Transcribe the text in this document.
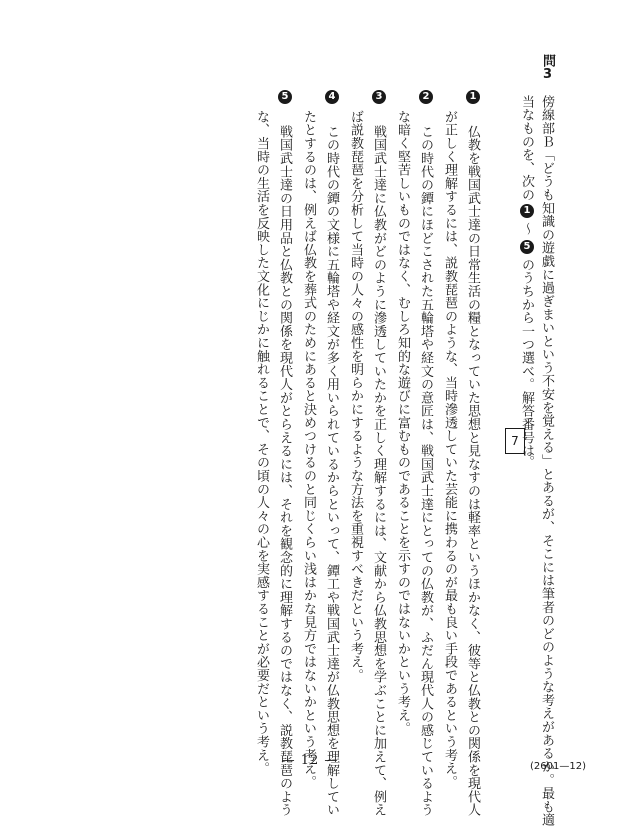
問3
傍線部Ｂ「どうも知識の遊戯に過ぎまいという不安を覚える」とあるが、そこには筆者のどのような考えがあるか。最も適
当なものを、次の
1
〜
5
のうちから一つ選べ。解答番号は
7
。
1
仏教を戦国武士達の日常生活の糧となっていた思想と見なすのは軽率というほかなく、彼等と仏教との関係を現代人
が正しく理解するには、説教琵琶のような、当時滲透していた芸能に携わるのが最も良い手段であるという考え。
2
この時代の鐔にほどこされた五輪塔や経文の意匠は、戦国武士達にとっての仏教が、ふだん現代人の感じているよう
な暗く堅苦しいものではなく、むしろ知的な遊びに富むものであることを示すのではないかという考え。
3
戦国武士達に仏教がどのように滲透していたかを正しく理解するには、文献から仏教思想を学ぶことに加えて、例え
ば説教琵琶を分析して当時の人々の感性を明らかにするような方法を重視すべきだという考え。
4
この時代の鐔の文様に五輪塔や経文が多く用いられているからといって、鐔工や戦国武士達が仏教思想を理解してい
たとするのは、例えば仏教を葬式のためにあると決めつけるのと同じくらい浅はかな見方ではないかという考え。
5
戦国武士達の日用品と仏教との関係を現代人がとらえるには、それを観念的に理解するのではなく、説教琵琶のよう
な、当時の生活を反映した文化にじかに触れることで、その頃の人々の心を実感することが必要だという考え。 — 12 —	(2601—12)
